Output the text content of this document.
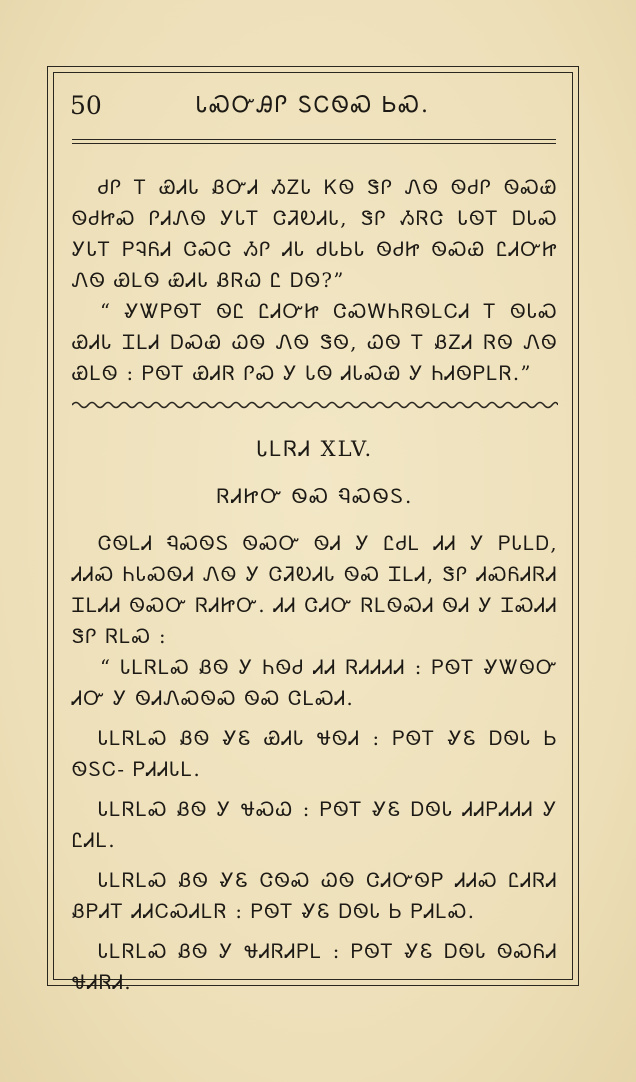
50	ᏓᏍᏅᎯᎵ ᏚᏟᏫᏍ ᏏᏍ.

ᏧᎵ Ꭲ ᏯᏗᏓ ᏰᏅᏗ ᏱᏃᏓ ᏦᏫ ᏕᎵ ᏁᏫ ᏫᏧᎵ ᏫᏍᏯ ᏫᏧᏥᏍ ᎵᏗᏁᏫ ᎩᏓᎢ ᏣᏘᎧᏗᏓ, ᏕᎵ ᏱᏒᏣ ᏓᏫᎢ ᎠᏓᏍ ᎩᏓᎢ ᏢᎸᏲᏗ ᏣᏍᏣ ᏱᎵ ᏗᏓ ᏧᏓᏏᏓ ᏫᏧᏥ ᏫᏍᏯ ᏝᏗᏅᏥ ᏁᏫ ᏯᏞᏫ ᏯᏗᏓ ᏰᏒᏇ Ꮭ ᎠᏫ?”

“ ᎽᏔᏢᏫᎢ ᏫᏝ ᏝᏗᏅᏥ ᏣᏍᎳᏂᏒᏫᏞᏟᏗ Ꭲ ᏫᏓᏍ ᏯᏗᏓ ᏆᏞᏗ ᎠᏍᏯ ᏇᏫ ᏁᏫ ᏕᏫ, ᏇᏫ Ꭲ ᏰᏃᏗ ᏒᏫ ᏁᏫ ᏯᏞᏫ : ᏢᏫᎢ ᏯᏗᏒ ᎵᏍ Ꭹ ᏓᏫ ᏗᏓᏍᏯ Ꭹ ᏂᏗᏫᏢᏞᏒ.”

ᏓᏞᏒᏗ XLV.
ᏒᏗᏥᏅ ᏫᏍ ᏄᏍᏫᏚ.

ᏣᏫᏞᏗ ᏄᏍᏫᏚ ᏫᏍᏅ ᏫᏗ Ꭹ ᏝᏧᏞ ᏗᏗ Ꭹ ᏢᏓᏞᎠ, ᏗᏗᏍ ᏂᏓᏍᏫᏗ ᏁᏫ Ꭹ ᏣᏘᎧᏗᏓ ᏫᏍ ᏆᏞᏗ, ᏕᎵ ᏗᏍᏲᏗᏒᏗ ᏆᏞᏗᏗ ᏫᏍᏅ ᏒᏗᏥᏅ. ᏗᏗ ᏣᏗᏅ ᏒᏞᏫᏍᏗ ᏫᏗ Ꭹ ᏆᏍᏗᏗ ᏕᎵ ᏒᏞᏍ :

“ ᏓᏞᏒᏞᏍ ᏰᏫ Ꭹ ᏂᏫᏧ ᏗᏗ ᏒᏗᏗᏗᏗ : ᏢᏫᎢ ᎽᏔᏫᏅ ᏗᏅ Ꭹ ᏫᏗᏁᏍᏫᏍ ᏫᏍ ᏣᏞᏍᏗ.

ᏓᏞᏒᏞᏍ ᏰᏫ ᎽᏋ ᏯᏗᏓ ᏠᏫᏗ : ᏢᏫᎢ ᎽᏋ ᎠᏫᏓ Ꮟ ᏫᏚᏟ- ᏢᏗᏗᏓᏞ.

ᏓᏞᏒᏞᏍ ᏰᏫ Ꭹ ᏠᏍᏇ : ᏢᏫᎢ ᎽᏋ ᎠᏫᏓ ᏗᏗᏢᏗᏗᏗ Ꭹ ᏝᏗᏞ.

ᏓᏞᏒᏞᏍ ᏰᏫ ᎽᏋ ᏣᏫᏍ ᏇᏫ ᏣᏗᏅᏫᏢ ᏗᏗᏍ ᏝᏗᏒᏗ ᏰᏢᏗᎢ ᏗᏗᏟᏍᏗᏞᏒ : ᏢᏫᎢ ᎽᏋ ᎠᏫᏓ Ꮟ ᏢᏗᏞᏍ.

ᏓᏞᏒᏞᏍ ᏰᏫ Ꭹ ᏠᏗᏒᏗᏢᏞ : ᏢᏫᎢ ᎽᏋ ᎠᏫᏓ ᏫᏍᏲᏗ ᏠᏗᏒᏗ.
